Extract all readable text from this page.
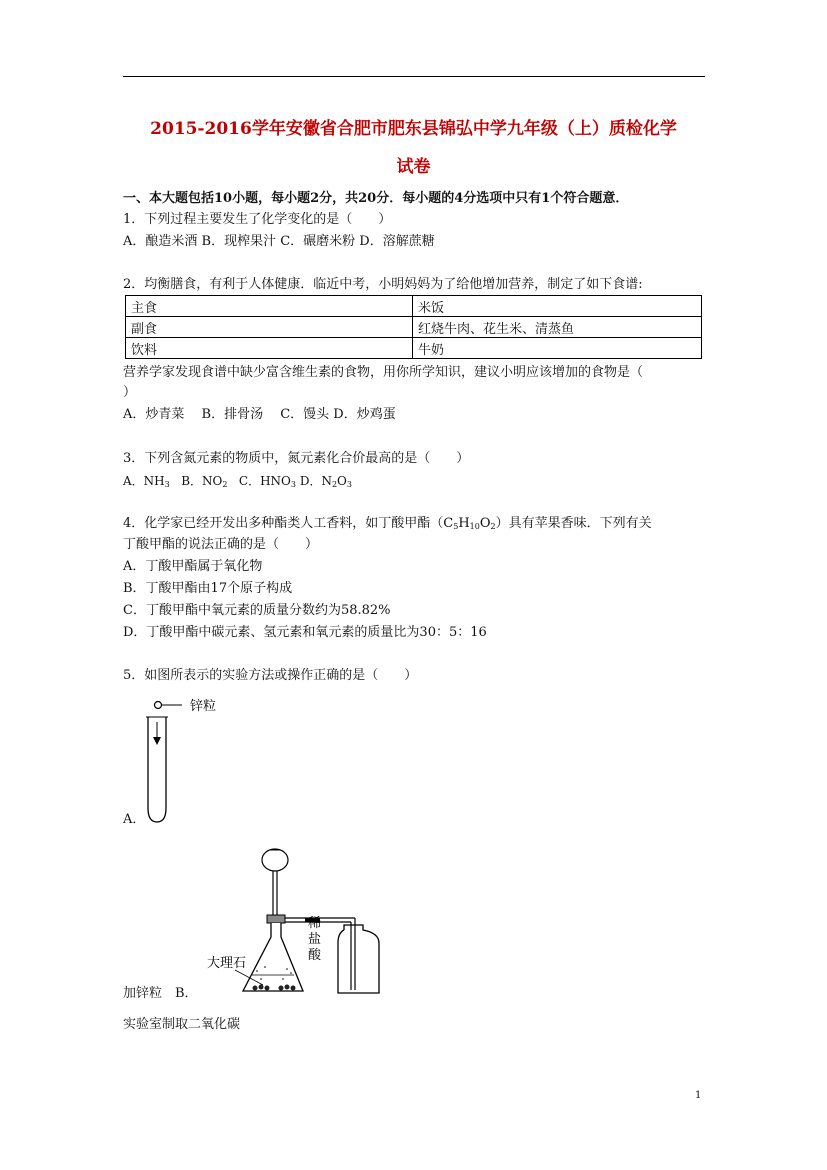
2015-2016学年安徽省合肥市肥东县锦弘中学九年级（上）质检化学
试卷
一、本大题包括10小题，每小题2分，共20分．每小题的4分选项中只有1个符合题意．
1．下列过程主要发生了化学变化的是（　　）
A．酿造米酒 B．现榨果汁 C．碾磨米粉 D．溶解蔗糖
2．均衡膳食，有利于人体健康．临近中考，小明妈妈为了给他增加营养，制定了如下食谱:
主食	米饭
副食	红烧牛肉、花生米、清蒸鱼
饮料	牛奶
营养学家发现食谱中缺少富含维生素的食物，用你所学知识，建议小明应该增加的食物是（
）
A．炒青菜　 B．排骨汤　 C．馒头 D．炒鸡蛋
3．下列含氮元素的物质中，氮元素化合价最高的是（　　）
A．$NH_3$ B．$NO_2$ C．$HNO_3$ D．$N_2O_3$
4．化学家已经开发出多种酯类人工香料，如丁酸甲酯$(C_5H_{10}O_2)$具有苹果香味．下列有关
丁酸甲酯的说法正确的是（　　）
A．丁酸甲酯属于氧化物
B．丁酸甲酯由17个原子构成
C．丁酸甲酯中氧元素的质量分数约为58.82%
D．丁酸甲酯中碳元素、氢元素和氧元素的质量比为30：5：16
5．如图所表示的实验方法或操作正确的是（　　）
锌粒
A．
稀
盐
酸
大理石
加锌粒　B．
实验室制取二氧化碳
1
